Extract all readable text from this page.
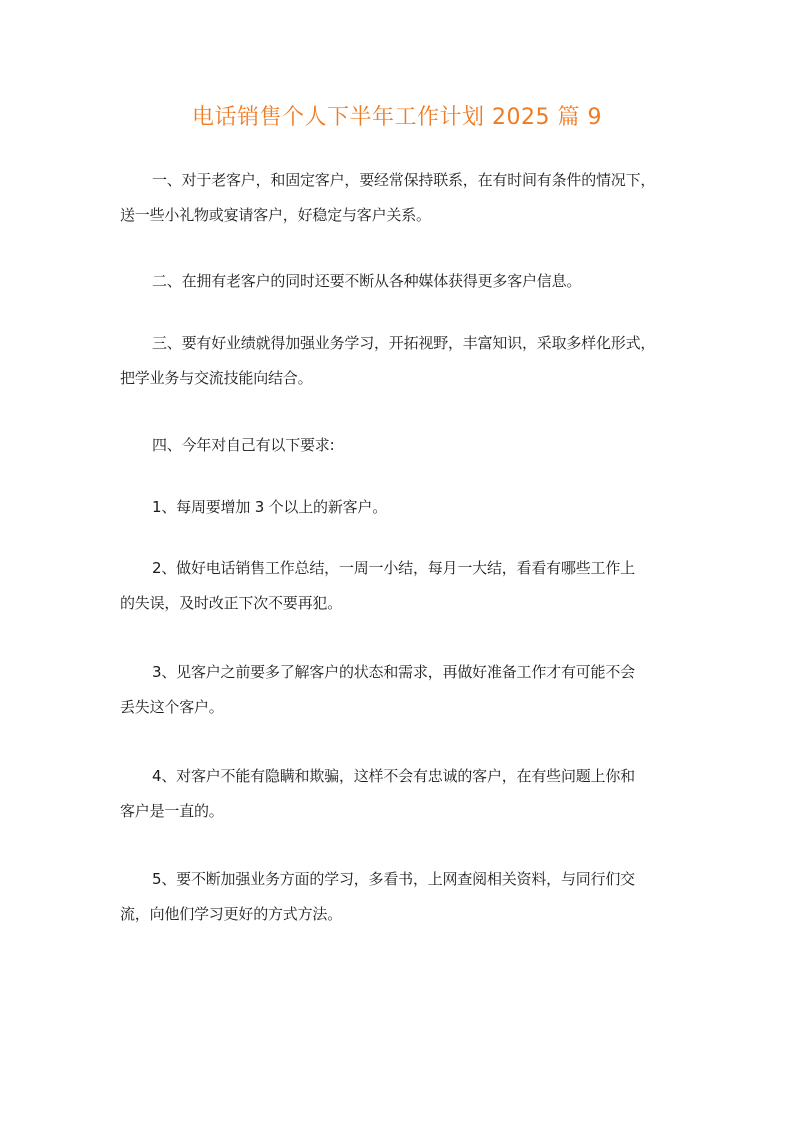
电话销售个人下半年工作计划 2025 篇 9

一、对于老客户，和固定客户，要经常保持联系，在有时间有条件的情况下，
送一些小礼物或宴请客户，好稳定与客户关系。

二、在拥有老客户的同时还要不断从各种媒体获得更多客户信息。

三、要有好业绩就得加强业务学习，开拓视野，丰富知识，采取多样化形式，
把学业务与交流技能向结合。

四、今年对自己有以下要求:

1、每周要增加 3 个以上的新客户。

2、做好电话销售工作总结，一周一小结，每月一大结，看看有哪些工作上
的失误，及时改正下次不要再犯。

3、见客户之前要多了解客户的状态和需求，再做好准备工作才有可能不会
丢失这个客户。

4、对客户不能有隐瞒和欺骗，这样不会有忠诚的客户，在有些问题上你和
客户是一直的。

5、要不断加强业务方面的学习，多看书，上网查阅相关资料，与同行们交
流，向他们学习更好的方式方法。
